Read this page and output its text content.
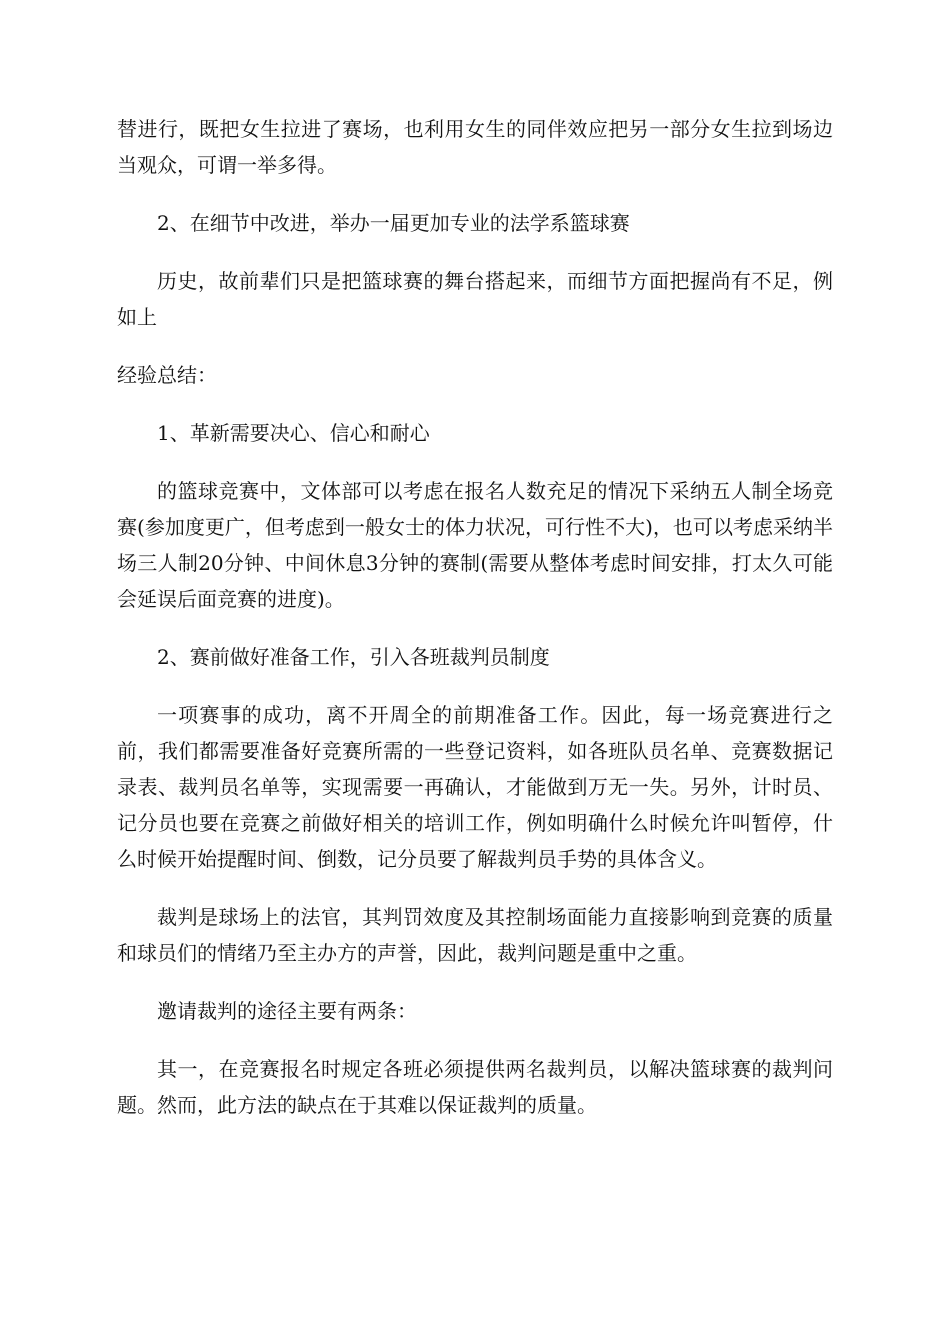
替进行，既把女生拉进了赛场，也利用女生的同伴效应把另一部分女生拉到场边当观众，可谓一举多得。

2、在细节中改进，举办一届更加专业的法学系篮球赛

历史，故前辈们只是把篮球赛的舞台搭起来，而细节方面把握尚有不足，例如上

经验总结：

1、革新需要决心、信心和耐心

的篮球竞赛中，文体部可以考虑在报名人数充足的情况下采纳五人制全场竞赛(参加度更广，但考虑到一般女士的体力状况，可行性不大)，也可以考虑采纳半场三人制20分钟、中间休息3分钟的赛制(需要从整体考虑时间安排，打太久可能会延误后面竞赛的进度)。

2、赛前做好准备工作，引入各班裁判员制度

一项赛事的成功，离不开周全的前期准备工作。因此，每一场竞赛进行之前，我们都需要准备好竞赛所需的一些登记资料，如各班队员名单、竞赛数据记录表、裁判员名单等，实现需要一再确认，才能做到万无一失。另外，计时员、记分员也要在竞赛之前做好相关的培训工作，例如明确什么时候允许叫暂停，什么时候开始提醒时间、倒数，记分员要了解裁判员手势的具体含义。

裁判是球场上的法官，其判罚效度及其控制场面能力直接影响到竞赛的质量和球员们的情绪乃至主办方的声誉，因此，裁判问题是重中之重。

邀请裁判的途径主要有两条：

其一，在竞赛报名时规定各班必须提供两名裁判员，以解决篮球赛的裁判问题。然而，此方法的缺点在于其难以保证裁判的质量。
